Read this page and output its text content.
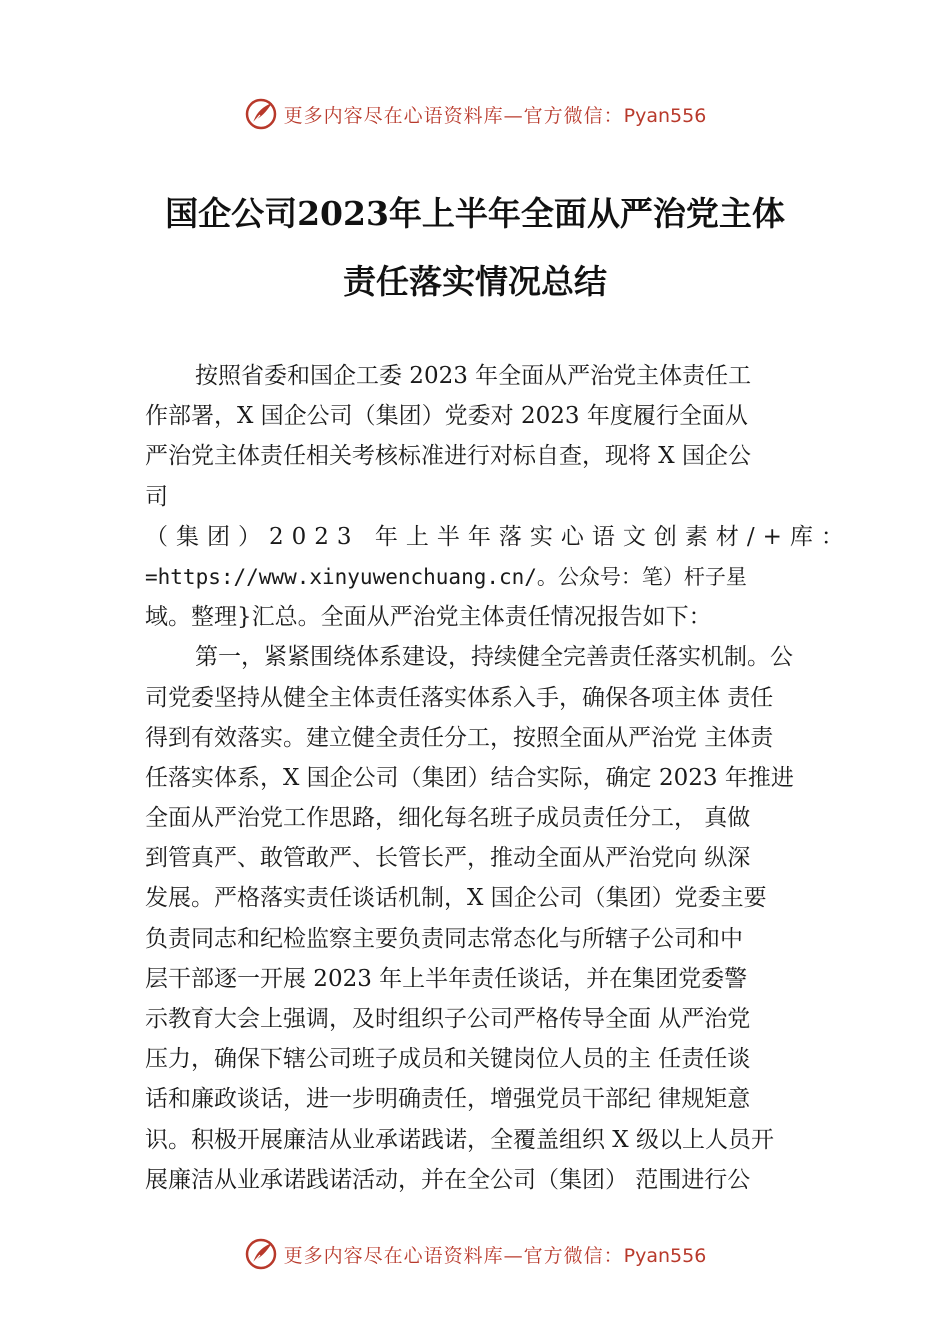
更多内容尽在心语资料库—官方微信：Pyan556
国企公司2023年上半年全面从严治党主体
责任落实情况总结
按照省委和国企工委 2023 年全面从严治党主体责任工
作部署，X 国企公司（集团）党委对 2023 年度履行全面从
严治党主体责任相关考核标准进行对标自查，现将 X 国企公
司
（集团）2023 年上半年落实心语文创素材/+库：
=https://www.xinyuwenchuang.cn/。公众号：笔）杆子星
域。整理}汇总。全面从严治党主体责任情况报告如下：
第一，紧紧围绕体系建设，持续健全完善责任落实机制。公
司党委坚持从健全主体责任落实体系入手，确保各项主体 责任
得到有效落实。建立健全责任分工，按照全面从严治党 主体责
任落实体系，X 国企公司（集团）结合实际，确定 2023 年推进
全面从严治党工作思路，细化每名班子成员责任分工， 真做
到管真严、敢管敢严、长管长严，推动全面从严治党向 纵深
发展。严格落实责任谈话机制，X 国企公司（集团）党委主要
负责同志和纪检监察主要负责同志常态化与所辖子公司和中
层干部逐一开展 2023 年上半年责任谈话，并在集团党委警
示教育大会上强调，及时组织子公司严格传导全面 从严治党
压力，确保下辖公司班子成员和关键岗位人员的主 任责任谈
话和廉政谈话，进一步明确责任，增强党员干部纪 律规矩意
识。积极开展廉洁从业承诺践诺，全覆盖组织 X 级以上人员开
展廉洁从业承诺践诺活动，并在全公司（集团） 范围进行公
更多内容尽在心语资料库—官方微信：Pyan556
